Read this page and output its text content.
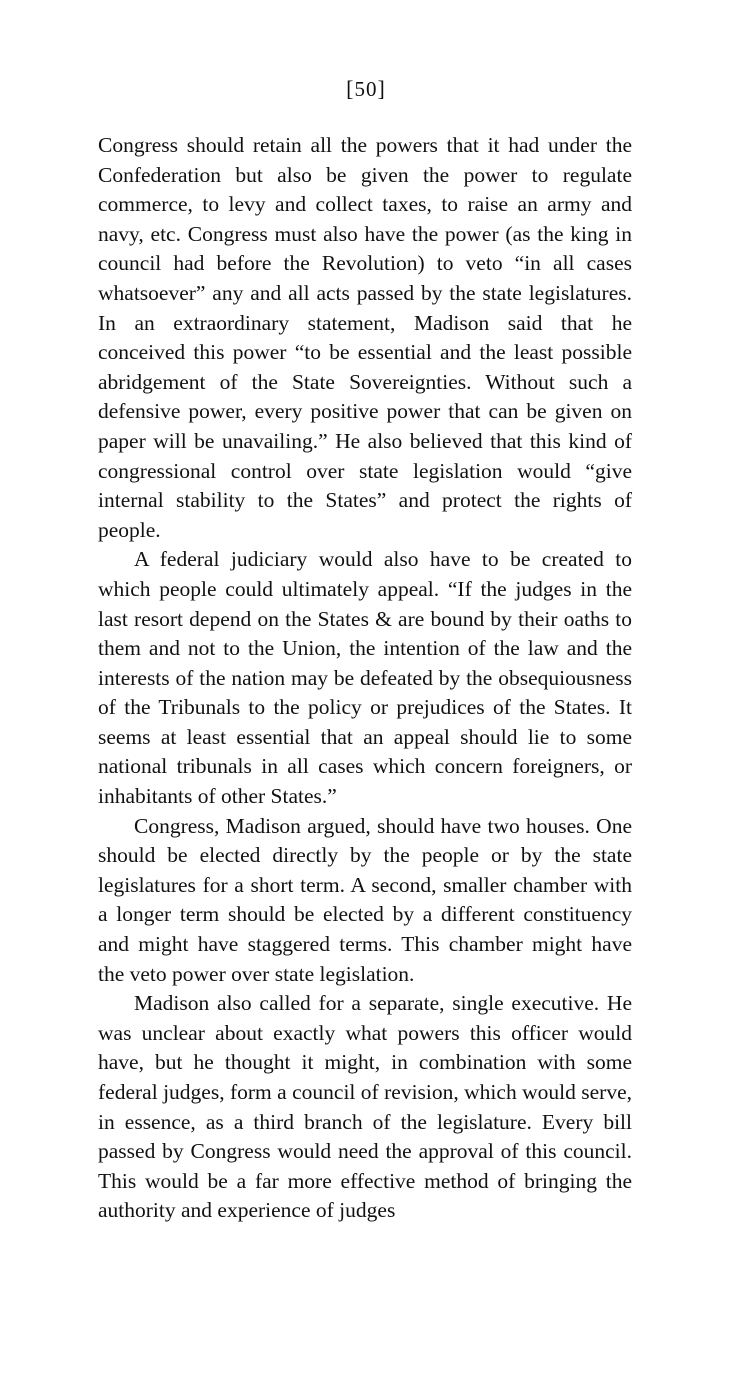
[50]

Congress should retain all the powers that it had under the Confederation but also be given the power to regulate commerce, to levy and collect taxes, to raise an army and navy, etc. Congress must also have the power (as the king in council had before the Revolution) to veto “in all cases whatsoever” any and all acts passed by the state legislatures. In an extraordinary statement, Madison said that he conceived this power “to be essential and the least possible abridgement of the State Sovereignties. Without such a defensive power, every positive power that can be given on paper will be unavailing.” He also believed that this kind of congressional control over state legislation would “give internal stability to the States” and protect the rights of people.

A federal judiciary would also have to be created to which people could ultimately appeal. “If the judges in the last resort depend on the States & are bound by their oaths to them and not to the Union, the intention of the law and the interests of the nation may be defeated by the obsequiousness of the Tribunals to the policy or prejudices of the States. It seems at least essential that an appeal should lie to some national tribunals in all cases which concern foreigners, or inhabitants of other States.”

Congress, Madison argued, should have two houses. One should be elected directly by the people or by the state legislatures for a short term. A second, smaller chamber with a longer term should be elected by a different constituency and might have staggered terms. This chamber might have the veto power over state legislation.

Madison also called for a separate, single executive. He was unclear about exactly what powers this officer would have, but he thought it might, in combination with some federal judges, form a council of revision, which would serve, in essence, as a third branch of the legislature. Every bill passed by Congress would need the approval of this council. This would be a far more effective method of bringing the authority and experience of judges
